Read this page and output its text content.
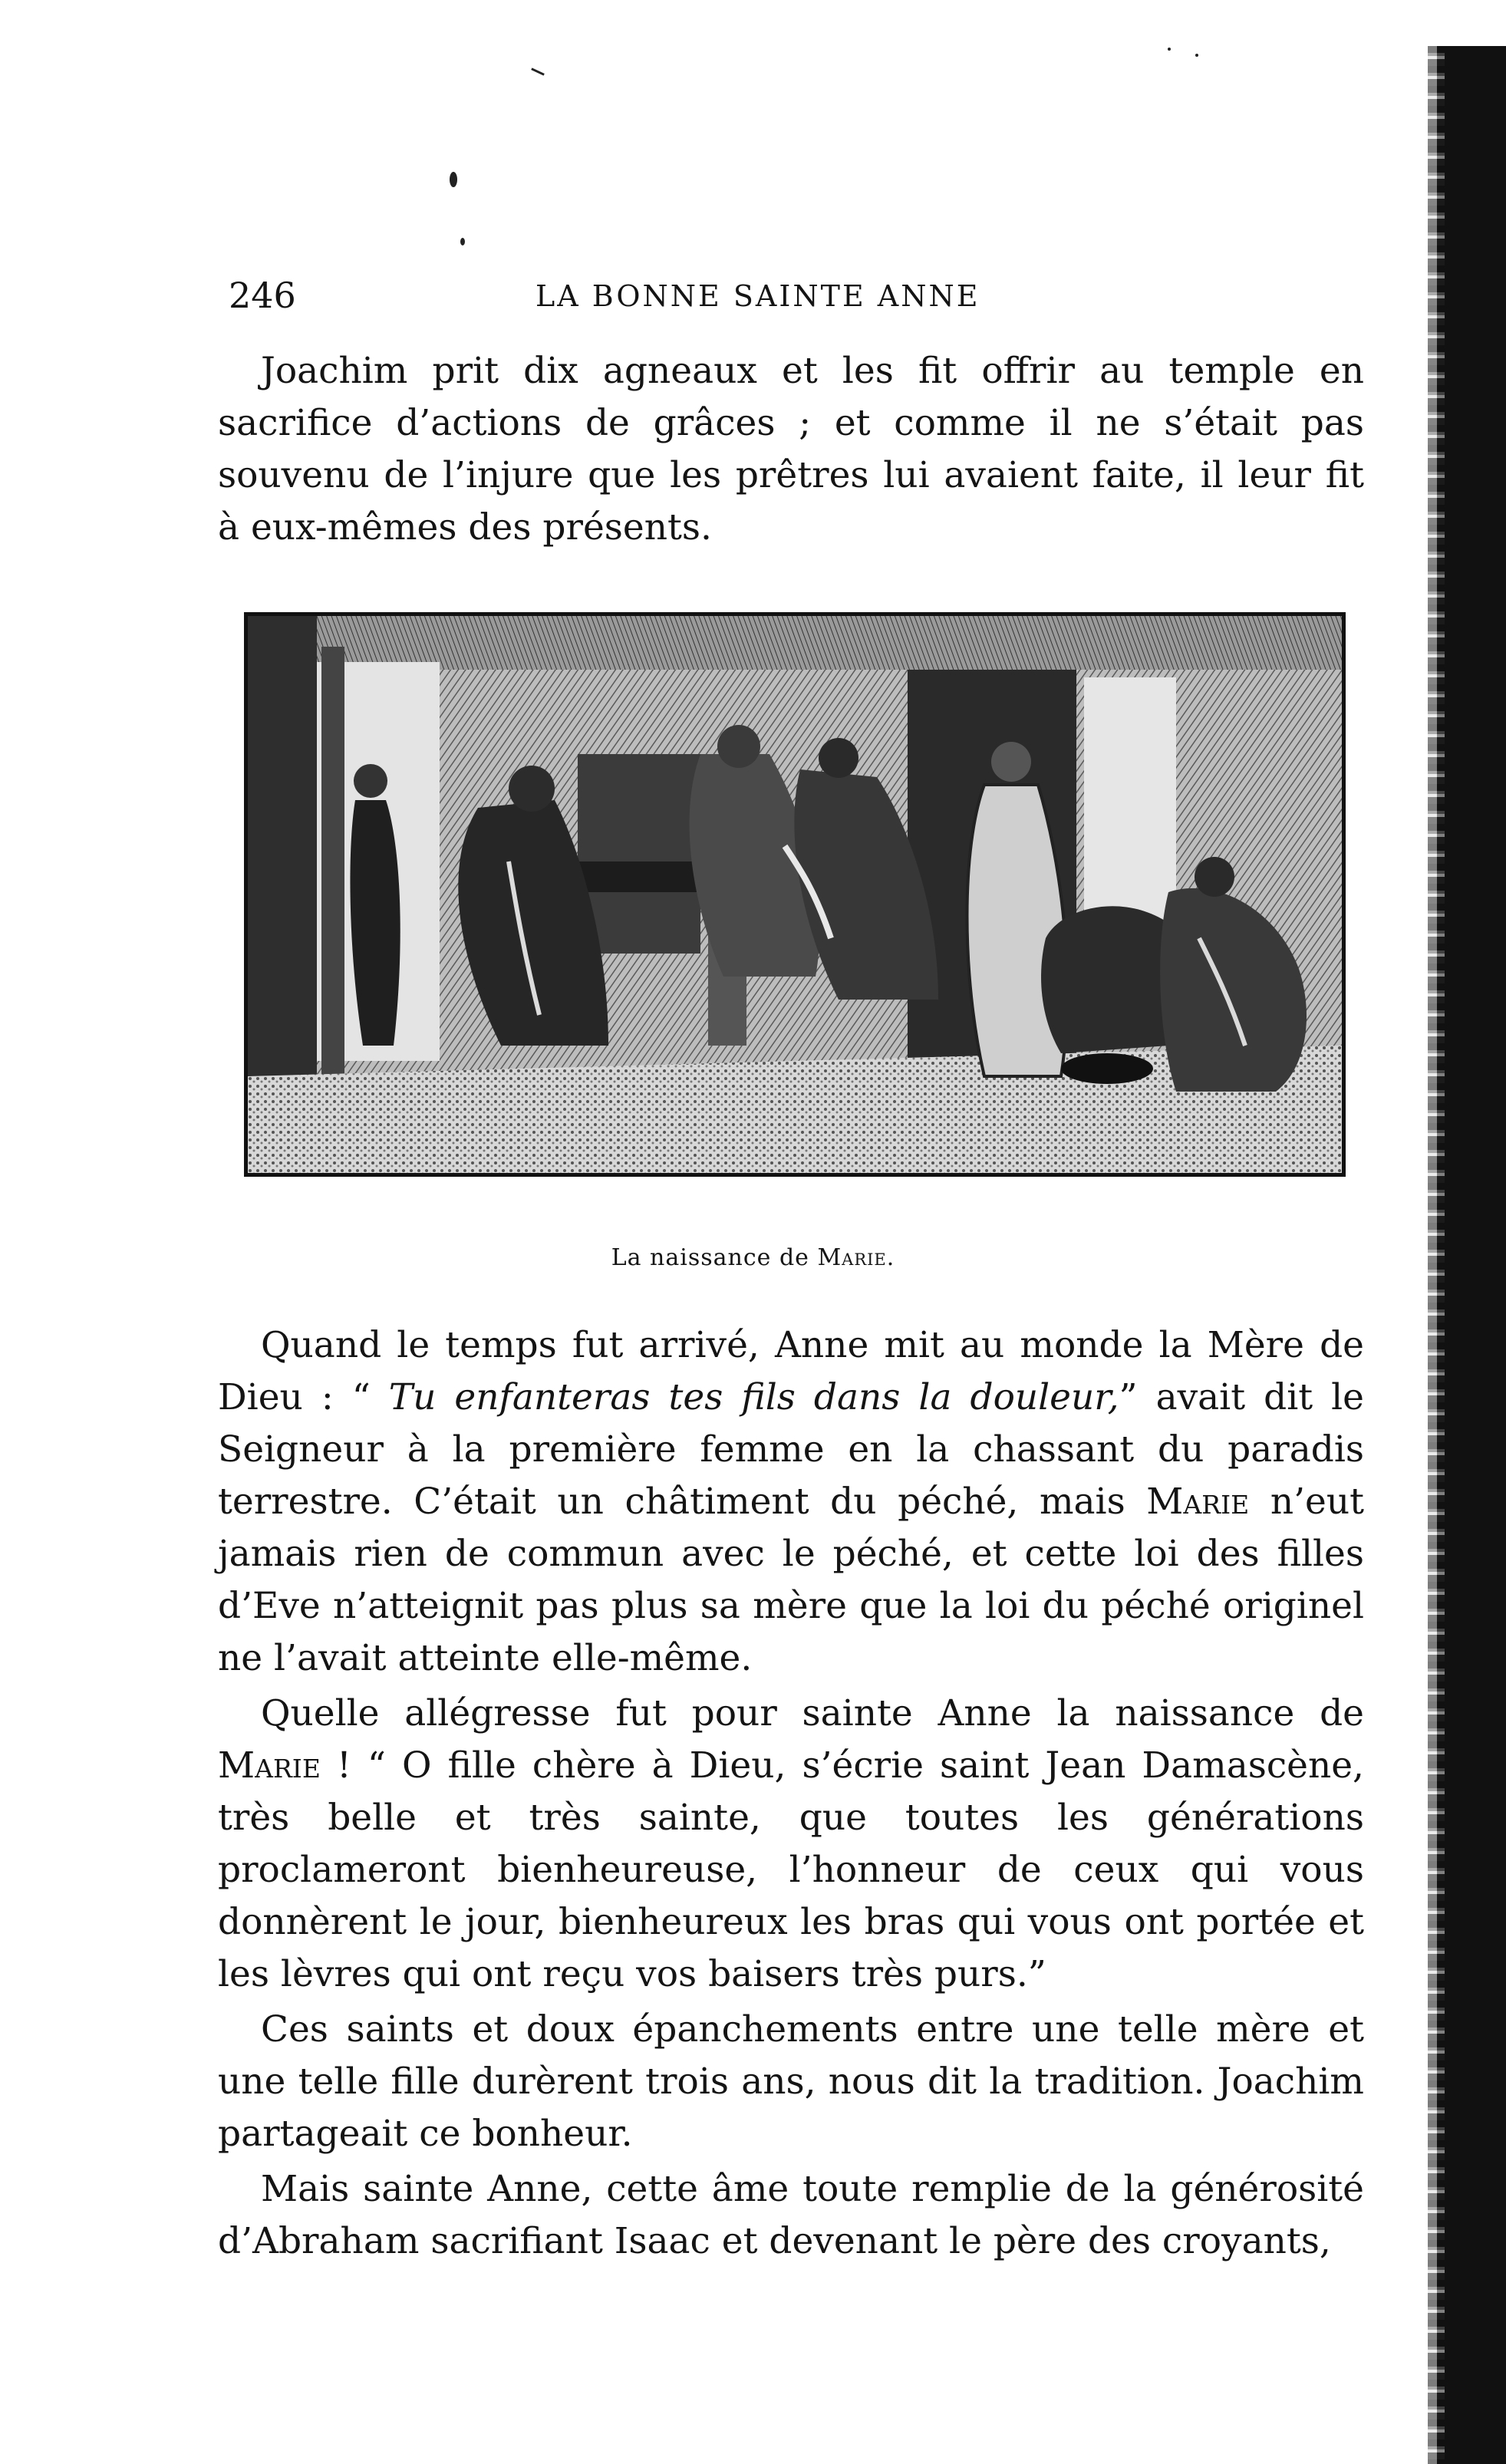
246	LA BONNE SAINTE ANNE

Joachim prit dix agneaux et les fit offrir au temple en sacrifice d’actions de grâces ; et comme il ne s’était pas souvenu de l’injure que les prêtres lui avaient faite, il leur fit à eux-mêmes des présents.

La naissance de Marie.

Quand le temps fut arrivé, Anne mit au monde la Mère de Dieu : “ Tu enfanteras tes fils dans la douleur,” avait dit le Seigneur à la première femme en la chassant du paradis terrestre. C’était un châtiment du péché, mais Marie n’eut jamais rien de commun avec le péché, et cette loi des filles d’Eve n’atteignit pas plus sa mère que la loi du péché originel ne l’avait atteinte elle-même.

Quelle allégresse fut pour sainte Anne la naissance de Marie ! “ O fille chère à Dieu, s’écrie saint Jean Damascène, très belle et très sainte, que toutes les générations proclameront bienheureuse, l’honneur de ceux qui vous donnèrent le jour, bienheureux les bras qui vous ont portée et les lèvres qui ont reçu vos baisers très purs.”

Ces saints et doux épanchements entre une telle mère et une telle fille durèrent trois ans, nous dit la tradition. Joachim partageait ce bonheur.

Mais sainte Anne, cette âme toute remplie de la générosité d’Abraham sacrifiant Isaac et devenant le père des croyants,
